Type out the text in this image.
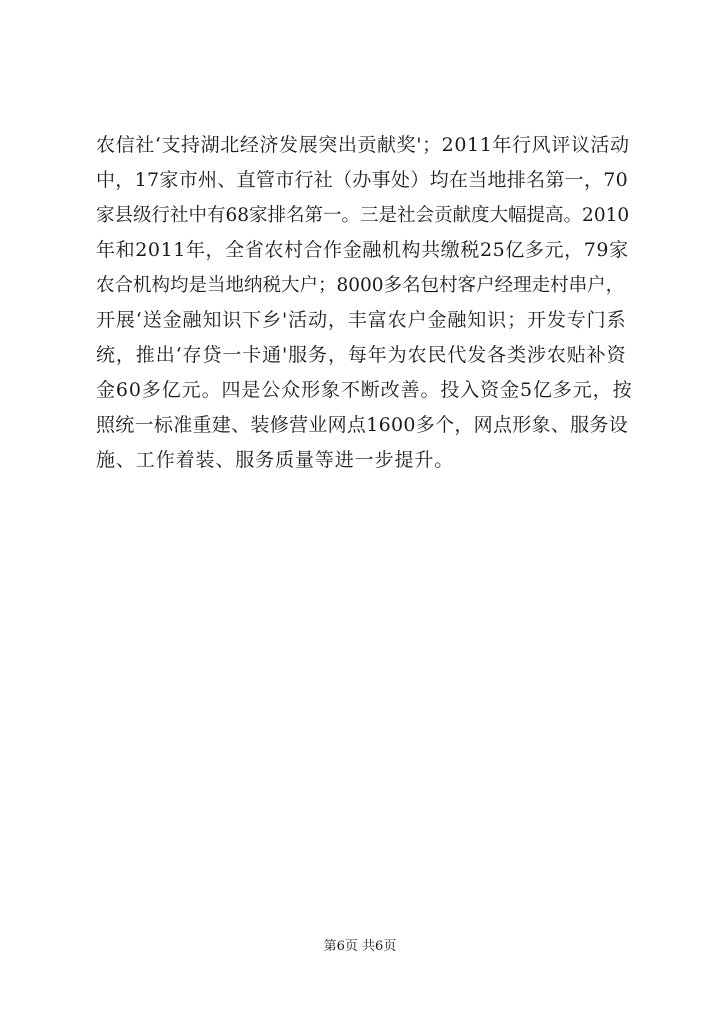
农信社‘支持湖北经济发展突出贡献奖'；2011年行风评议活动
中，17家市州、直管市行社（办事处）均在当地排名第一，70
家县级行社中有68家排名第一。三是社会贡献度大幅提高。2010
年和2011年，全省农村合作金融机构共缴税25亿多元，79家
农合机构均是当地纳税大户；8000多名包村客户经理走村串户，
开展‘送金融知识下乡'活动，丰富农户金融知识；开发专门系
统，推出‘存贷一卡通'服务，每年为农民代发各类涉农贴补资
金60多亿元。四是公众形象不断改善。投入资金5亿多元，按
照统一标准重建、装修营业网点1600多个，网点形象、服务设
施、工作着装、服务质量等进一步提升。
第6页 共6页
